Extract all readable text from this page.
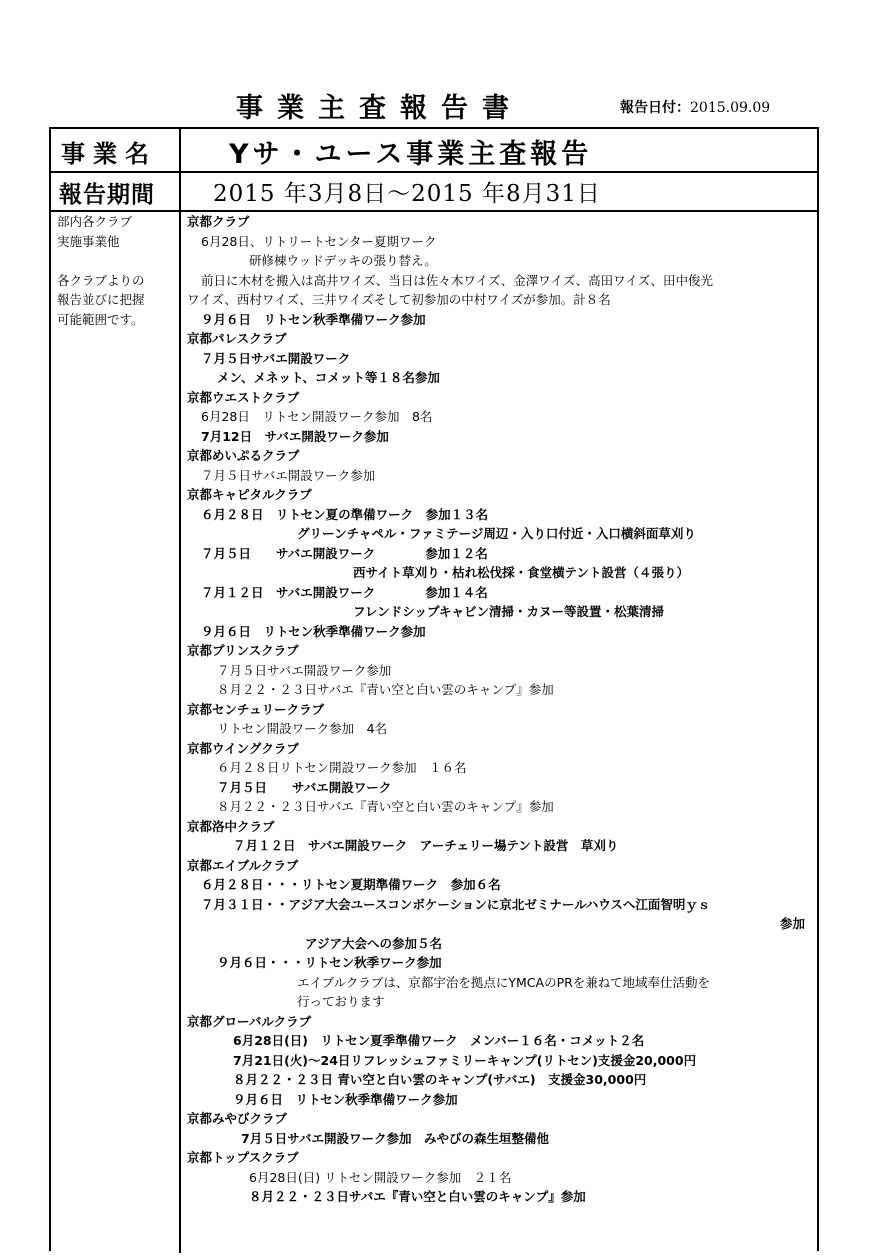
事業主査報告書	報告日付：2015.09.09
事業名	Yサ・ユース事業主査報告
報告期間	2015 年3月8日～2015 年8月31日
部内各クラブ
実施事業他
各クラブよりの
報告並びに把握
可能範囲です。
京都クラブ
6月28日、リトリートセンター夏期ワーク
研修棟ウッドデッキの張り替え。
前日に木材を搬入は高井ワイズ、当日は佐々木ワイズ、金澤ワイズ、高田ワイズ、田中俊光
ワイズ、西村ワイズ、三井ワイズそして初参加の中村ワイズが参加。計８名
９月６日　リトセン秋季準備ワーク参加
京都パレスクラブ
７月５日サバエ開設ワーク
メン、メネット、コメット等１８名参加
京都ウエストクラブ
6月28日　リトセン開設ワーク参加　8名
7月12日　サバエ開設ワーク参加
京都めいぷるクラブ
７月５日サバエ開設ワーク参加
京都キャピタルクラブ
６月２８日　リトセン夏の準備ワーク　参加１３名
グリーンチャペル・ファミテージ周辺・入り口付近・入口横斜面草刈り
７月５日　　サバエ開設ワーク　　　　参加１２名
西サイト草刈り・枯れ松伐採・食堂横テント設営（４張り）
７月１２日　サバエ開設ワーク　　　　参加１４名
フレンドシップキャビン清掃・カヌー等設置・松葉清掃
９月６日　リトセン秋季準備ワーク参加
京都プリンスクラブ
７月５日サバエ開設ワーク参加
８月２２・２３日サバエ『青い空と白い雲のキャンプ』参加
京都センチュリークラブ
リトセン開設ワーク参加　4名
京都ウイングクラブ
６月２８日リトセン開設ワーク参加　１６名
７月５日　　サバエ開設ワーク
８月２２・２３日サバエ『青い空と白い雲のキャンプ』参加
京都洛中クラブ
７月１２日　サバエ開設ワーク　アーチェリー場テント設営　草刈り
京都エイブルクラブ
６月２８日・・・リトセン夏期準備ワーク　参加６名
７月３１日・・アジア大会ユースコンボケーションに京北ゼミナールハウスへ江面智明ｙｓ
参加
アジア大会への参加５名
９月６日・・・リトセン秋季ワーク参加
エイブルクラブは、京都宇治を拠点にYMCAのPRを兼ねて地域奉仕活動を
行っております
京都グローバルクラブ
6月28日(日)　リトセン夏季準備ワーク　メンバー１６名・コメット２名
7月21日(火)～24日リフレッシュファミリーキャンプ(リトセン)支援金20,000円
８月２２・２３日 青い空と白い雲のキャンプ(サバエ)　支援金30,000円
９月６日　リトセン秋季準備ワーク参加
京都みやびクラブ
7月５日サバエ開設ワーク参加　みやびの森生垣整備他
京都トップスクラブ
6月28日(日) リトセン開設ワーク参加　２１名
８月２２・２３日サバエ『青い空と白い雲のキャンプ』参加
